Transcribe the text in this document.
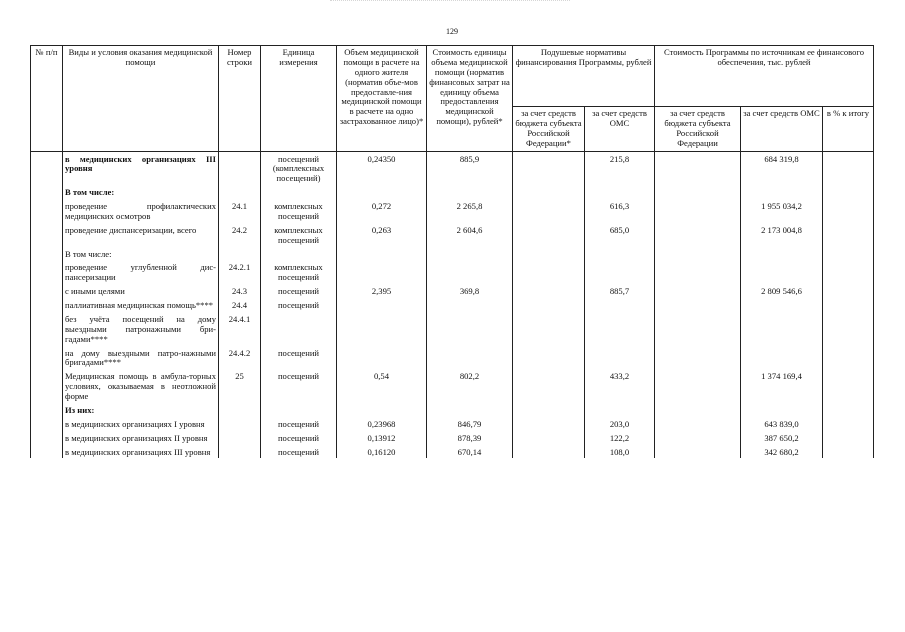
129
№ п/п	Виды и условия оказания медицинской помощи	Номер строки	Единица измерения	Объем медицинской помощи в расчете на одного жителя (норматив объе-мов предоставле-ния медицинской помощи в расчете на одно застрахованное лицо)*	Стоимость единицы объема медицинской помощи (норматив финансовых затрат на единицу объема предоставления медицинской помощи), рублей*	Подушевые нормативы финансирования Программы, рублей		Стоимость Программы по источникам ее финансового обеспечения, тыс. рублей		
						за счет средств бюджета субъекта Российской Федерации*	за счет средств ОМС	за счет средств бюджета субъекта Российской Федерации	за счет средств ОМС	в % к итогу
	в медицинских организациях III уровня		посещений (комплексных посещений)	0,24350	885,9		215,8		684 319,8	
	В том числе:									
	проведение профилактических медицинских осмотров	24.1	комплексных посещений	0,272	2 265,8		616,3		1 955 034,2	
	проведение диспансеризации, всего	24.2	комплексных посещений	0,263	2 604,6		685,0		2 173 004,8	
	В том числе:									
	проведение углубленной дис-пансеризации	24.2.1	комплексных посещений							
	с иными целями	24.3	посещений	2,395	369,8		885,7		2 809 546,6	
	паллиативная медицинская помощь****	24.4	посещений							
	без учёта посещений на дому выездными патронажными бри-гадами****	24.4.1								
	на дому выездными патро-нажными бригадами****	24.4.2	посещений							
	Медицинская помощь в амбула-торных условиях, оказываемая в неотложной форме	25	посещений	0,54	802,2		433,2		1 374 169,4	
	Из них:									
	в медицинских организациях I уровня		посещений	0,23968	846,79		203,0		643 839,0	
	в медицинских организациях II уровня		посещений	0,13912	878,39		122,2		387 650,2	
	в медицинских организациях III уровня		посещений	0,16120	670,14		108,0		342 680,2	
